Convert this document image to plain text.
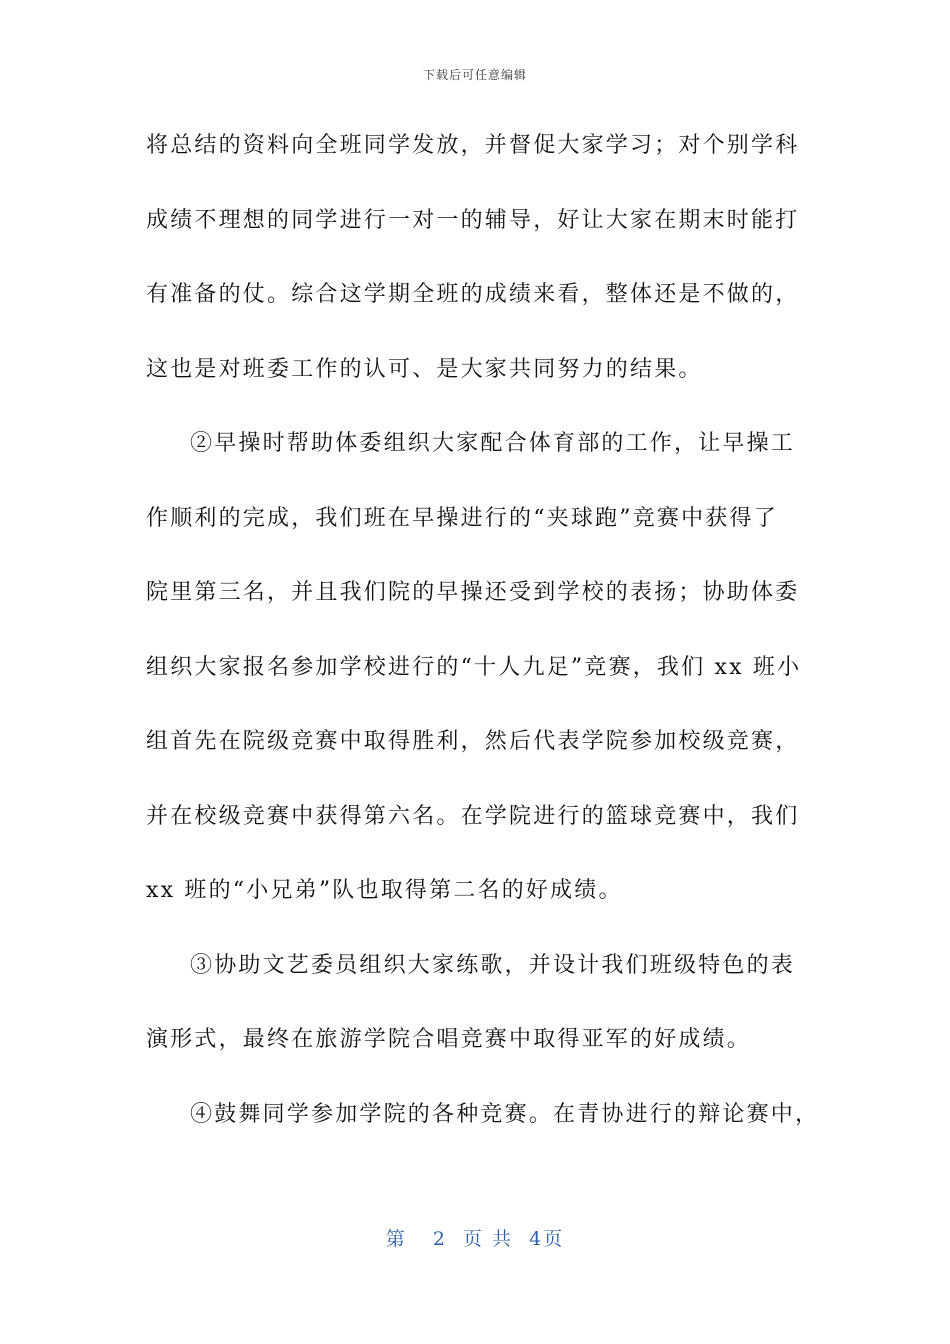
下载后可任意编辑
将总结的资料向全班同学发放，并督促大家学习；对个别学科
成绩不理想的同学进行一对一的辅导，好让大家在期末时能打
有准备的仗。综合这学期全班的成绩来看，整体还是不做的，
这也是对班委工作的认可、是大家共同努力的结果。
②早操时帮助体委组织大家配合体育部的工作，让早操工
作顺利的完成，我们班在早操进行的“夹球跑”竞赛中获得了
院里第三名，并且我们院的早操还受到学校的表扬；协助体委
组织大家报名参加学校进行的“十人九足”竞赛，我们 xx 班小
组首先在院级竞赛中取得胜利，然后代表学院参加校级竞赛，
并在校级竞赛中获得第六名。在学院进行的篮球竞赛中，我们
xx 班的“小兄弟”队也取得第二名的好成绩。
③协助文艺委员组织大家练歌，并设计我们班级特色的表
演形式，最终在旅游学院合唱竞赛中取得亚军的好成绩。
④鼓舞同学参加学院的各种竞赛。在青协进行的辩论赛中，
第 2 页 共 4页
